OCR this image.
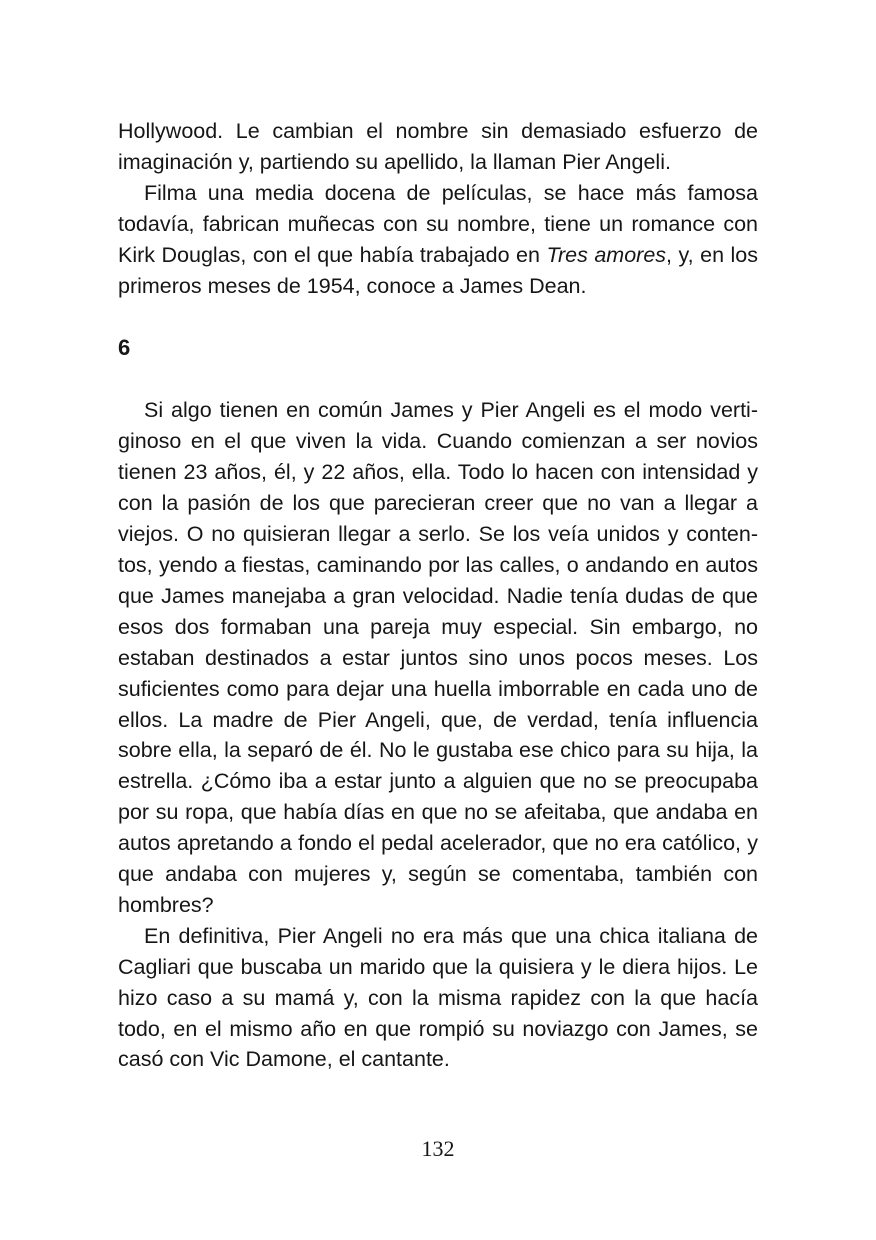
Hollywood. Le cambian el nombre sin demasiado esfuerzo de imaginación y, partiendo su apellido, la llaman Pier Angeli.

Filma una media docena de películas, se hace más famosa todavía, fabrican muñecas con su nombre, tiene un romance con Kirk Douglas, con el que había trabajado en Tres amores, y, en los primeros meses de 1954, conoce a James Dean.

6

Si algo tienen en común James y Pier Angeli es el modo vertiginoso en el que viven la vida. Cuando comienzan a ser novios tienen 23 años, él, y 22 años, ella. Todo lo hacen con intensidad y con la pasión de los que parecieran creer que no van a llegar a viejos. O no quisieran llegar a serlo. Se los veía unidos y contentos, yendo a fiestas, caminando por las calles, o andando en autos que James manejaba a gran velocidad. Nadie tenía dudas de que esos dos formaban una pareja muy especial. Sin embargo, no estaban destinados a estar juntos sino unos pocos meses. Los suficientes como para dejar una huella imborrable en cada uno de ellos. La madre de Pier Angeli, que, de verdad, tenía influencia sobre ella, la separó de él. No le gustaba ese chico para su hija, la estrella. ¿Cómo iba a estar junto a alguien que no se preocupaba por su ropa, que había días en que no se afeitaba, que andaba en autos apretando a fondo el pedal acelerador, que no era católico, y que andaba con mujeres y, según se comentaba, también con hombres?

En definitiva, Pier Angeli no era más que una chica italiana de Cagliari que buscaba un marido que la quisiera y le diera hijos. Le hizo caso a su mamá y, con la misma rapidez con la que hacía todo, en el mismo año en que rompió su noviazgo con James, se casó con Vic Damone, el cantante.

132
